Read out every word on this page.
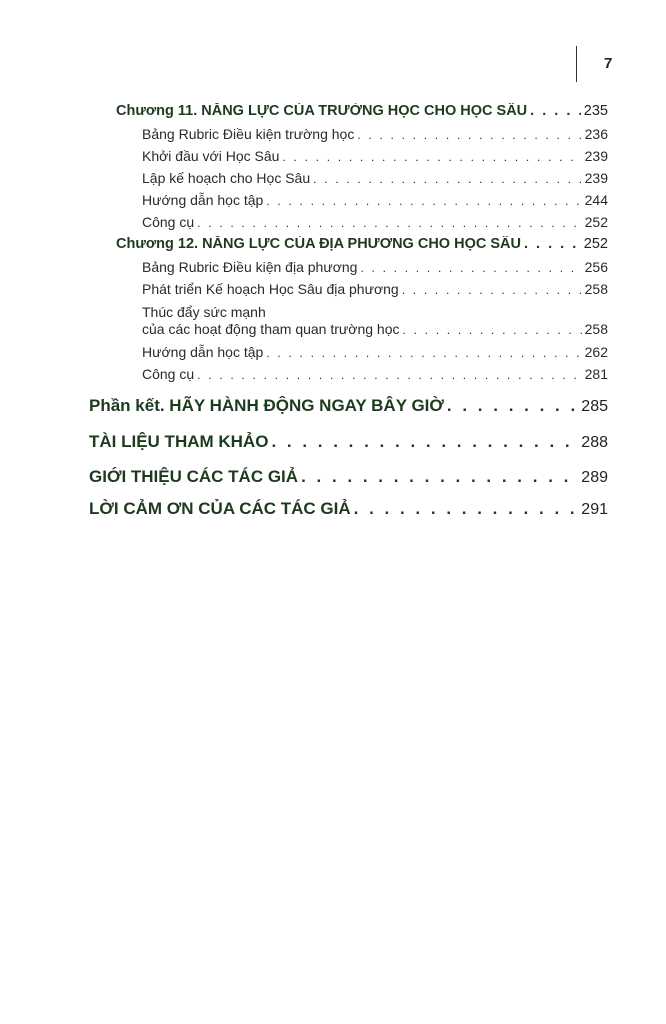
7
Chương 11. NĂNG LỰC CỦA TRƯỜNG HỌC CHO HỌC SÂU . . .	235
Bảng Rubric Điều kiện trường học . . .	236
Khởi đầu với Học Sâu . . .	239
Lập kế hoạch cho Học Sâu . . .	239
Hướng dẫn học tập . . .	244
Công cụ . . .	252
Chương 12. NĂNG LỰC CỦA ĐỊA PHƯƠNG CHO HỌC SÂU . . .	252
Bảng Rubric Điều kiện địa phương . . .	256
Phát triển Kế hoạch Học Sâu địa phương . . .	258
Thúc đẩy sức mạnh
của các hoạt động tham quan trường học . . .	258
Hướng dẫn học tập . . .	262
Công cụ . . .	281
Phần kết. HÃY HÀNH ĐỘNG NGAY BÂY GIỜ . . .	285
TÀI LIỆU THAM KHẢO . . .	288
GIỚI THIỆU CÁC TÁC GIẢ . . .	289
LỜI CẢM ƠN CỦA CÁC TÁC GIẢ . . .	291
